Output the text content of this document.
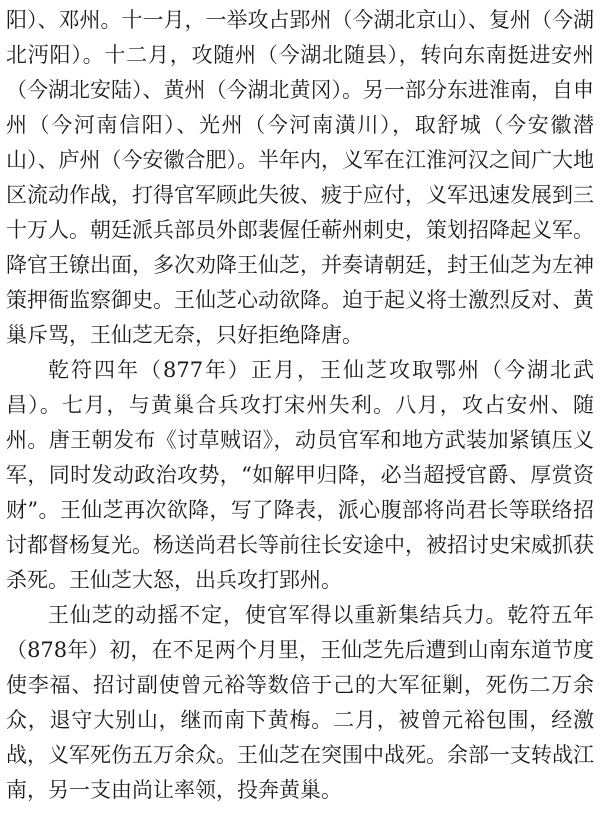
阳）、邓州。十一月，一举攻占郢州（今湖北京山）、复州（今湖北沔阳）。十二月，攻随州（今湖北随县），转向东南挺进安州（今湖北安陆）、黄州（今湖北黄冈）。另一部分东进淮南，自申州（今河南信阳）、光州（今河南潢川），取舒城（今安徽潜山）、庐州（今安徽合肥）。半年内，义军在江淮河汉之间广大地区流动作战，打得官军顾此失彼、疲于应付，义军迅速发展到三十万人。朝廷派兵部员外郎裴偓任蕲州刺史，策划招降起义军。降官王镣出面，多次劝降王仙芝，并奏请朝廷，封王仙芝为左神策押衙监察御史。王仙芝心动欲降。迫于起义将士激烈反对、黄巢斥骂，王仙芝无奈，只好拒绝降唐。

乾符四年（877年）正月，王仙芝攻取鄂州（今湖北武昌）。七月，与黄巢合兵攻打宋州失利。八月，攻占安州、随州。唐王朝发布《讨草贼诏》，动员官军和地方武装加紧镇压义军，同时发动政治攻势，“如解甲归降，必当超授官爵、厚赏资财”。王仙芝再次欲降，写了降表，派心腹部将尚君长等联络招讨都督杨复光。杨送尚君长等前往长安途中，被招讨史宋威抓获杀死。王仙芝大怒，出兵攻打郢州。

王仙芝的动摇不定，使官军得以重新集结兵力。乾符五年（878年）初，在不足两个月里，王仙芝先后遭到山南东道节度使李福、招讨副使曾元裕等数倍于己的大军征剿，死伤二万余众，退守大别山，继而南下黄梅。二月，被曾元裕包围，经激战，义军死伤五万余众。王仙芝在突围中战死。余部一支转战江南，另一支由尚让率领，投奔黄巢。
